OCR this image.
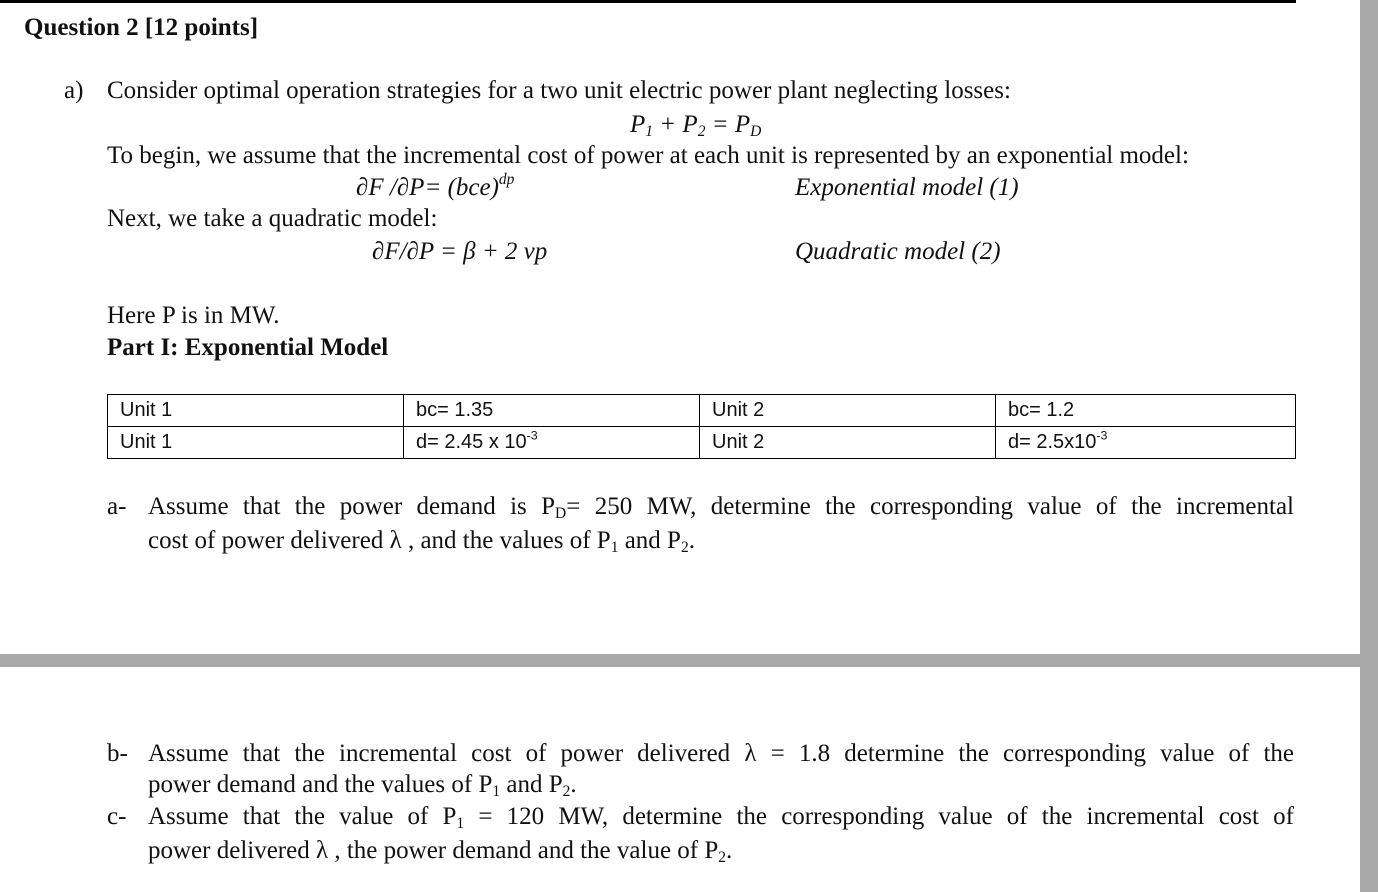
Question 2 [12 points]
a) Consider optimal operation strategies for a two unit electric power plant neglecting losses:
$P_1 + P_2 = P_D$
To begin, we assume that the incremental cost of power at each unit is represented by an exponential model:
∂F /∂P= (bce)$^{dp}$	Exponential model (1)
Next, we take a quadratic model:
∂F/∂P = β + 2 νp	Quadratic model (2)
Here P is in MW.
Part I: Exponential Model
Unit 1	bc= 1.35	Unit 2	bc= 1.2
Unit 1	d= 2.45 x $10^{-3}$	Unit 2	$d= 2.5x10^{-3}$
a- Assume that the power demand is $P_D= 250$ MW, determine the corresponding value of the incremental
cost of power delivered λ , and the values of $P_1$ and $P_2$.
b- Assume that the incremental cost of power delivered λ = 1.8 determine the corresponding value of the
power demand and the values of $P_1$ and $P_2$.
c- Assume that the value of $P_1 = 120$ MW, determine the corresponding value of the incremental cost of
power delivered λ , the power demand and the value of $P_2$.
